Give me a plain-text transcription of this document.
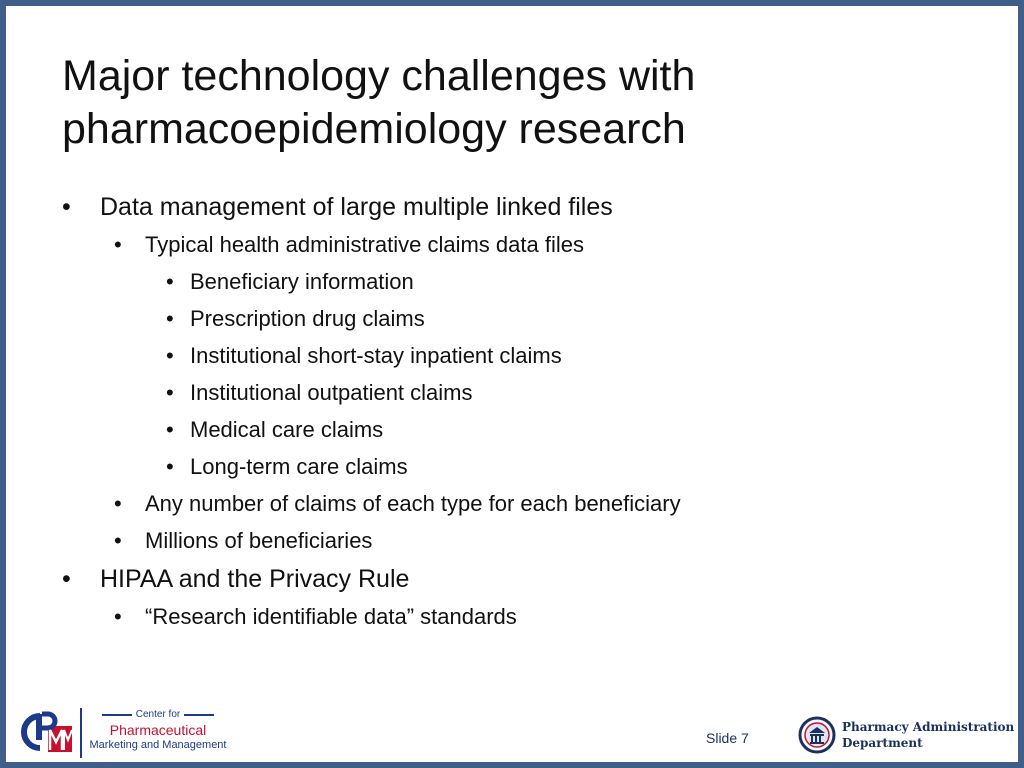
Major technology challenges with
pharmacoepidemiology research
• Data management of large multiple linked files
• Typical health administrative claims data files
• Beneficiary information
• Prescription drug claims
• Institutional short-stay inpatient claims
• Institutional outpatient claims
• Medical care claims
• Long-term care claims
• Any number of claims of each type for each beneficiary
• Millions of beneficiaries
• HIPAA and the Privacy Rule
• “Research identifiable data” standards
Center for
Pharmaceutical
Marketing and Management	Slide 7
Pharmacy Administration
Department
